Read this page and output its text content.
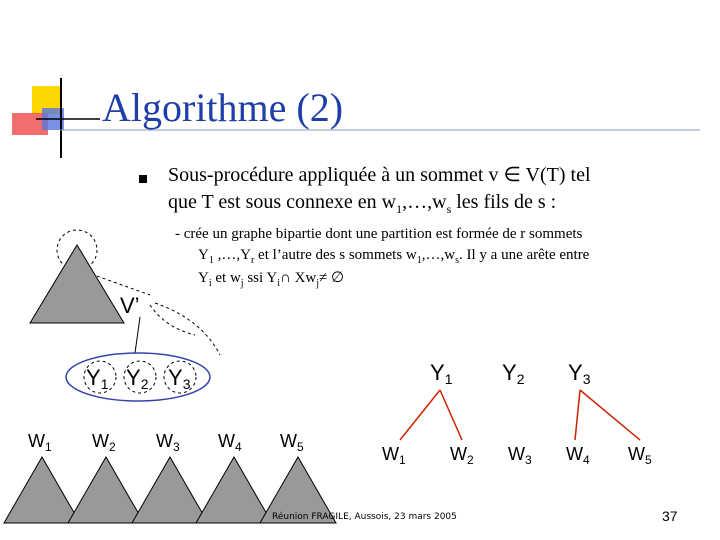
Algorithme (2)
Sous-procédure appliquée à un sommet v ∈ V(T) tel
que T est sous connexe en $w_1,\dots,w_s$ les fils de s :
- crée un graphe bipartie dont une partition est formée de r sommets
$Y_1$ $,\dots,Y_r$ et l’autre des s sommets $w_1,\dots,w_s$. Il y a une arête entre
$Y_i$ et $w_j$ ssi $Y_i\cap$ $Xw_j\ne$ ∅
V’
Y1 Y2 Y3
$W_1$ $W_2$ $W_3$ $W_4$ $W_5$
Y1 Y2 Y3
$W_1$ $W_2$ $W_3$ $W_4$ $W_5$
Réunion FRAGILE, Aussois, 23 mars 2005	37
